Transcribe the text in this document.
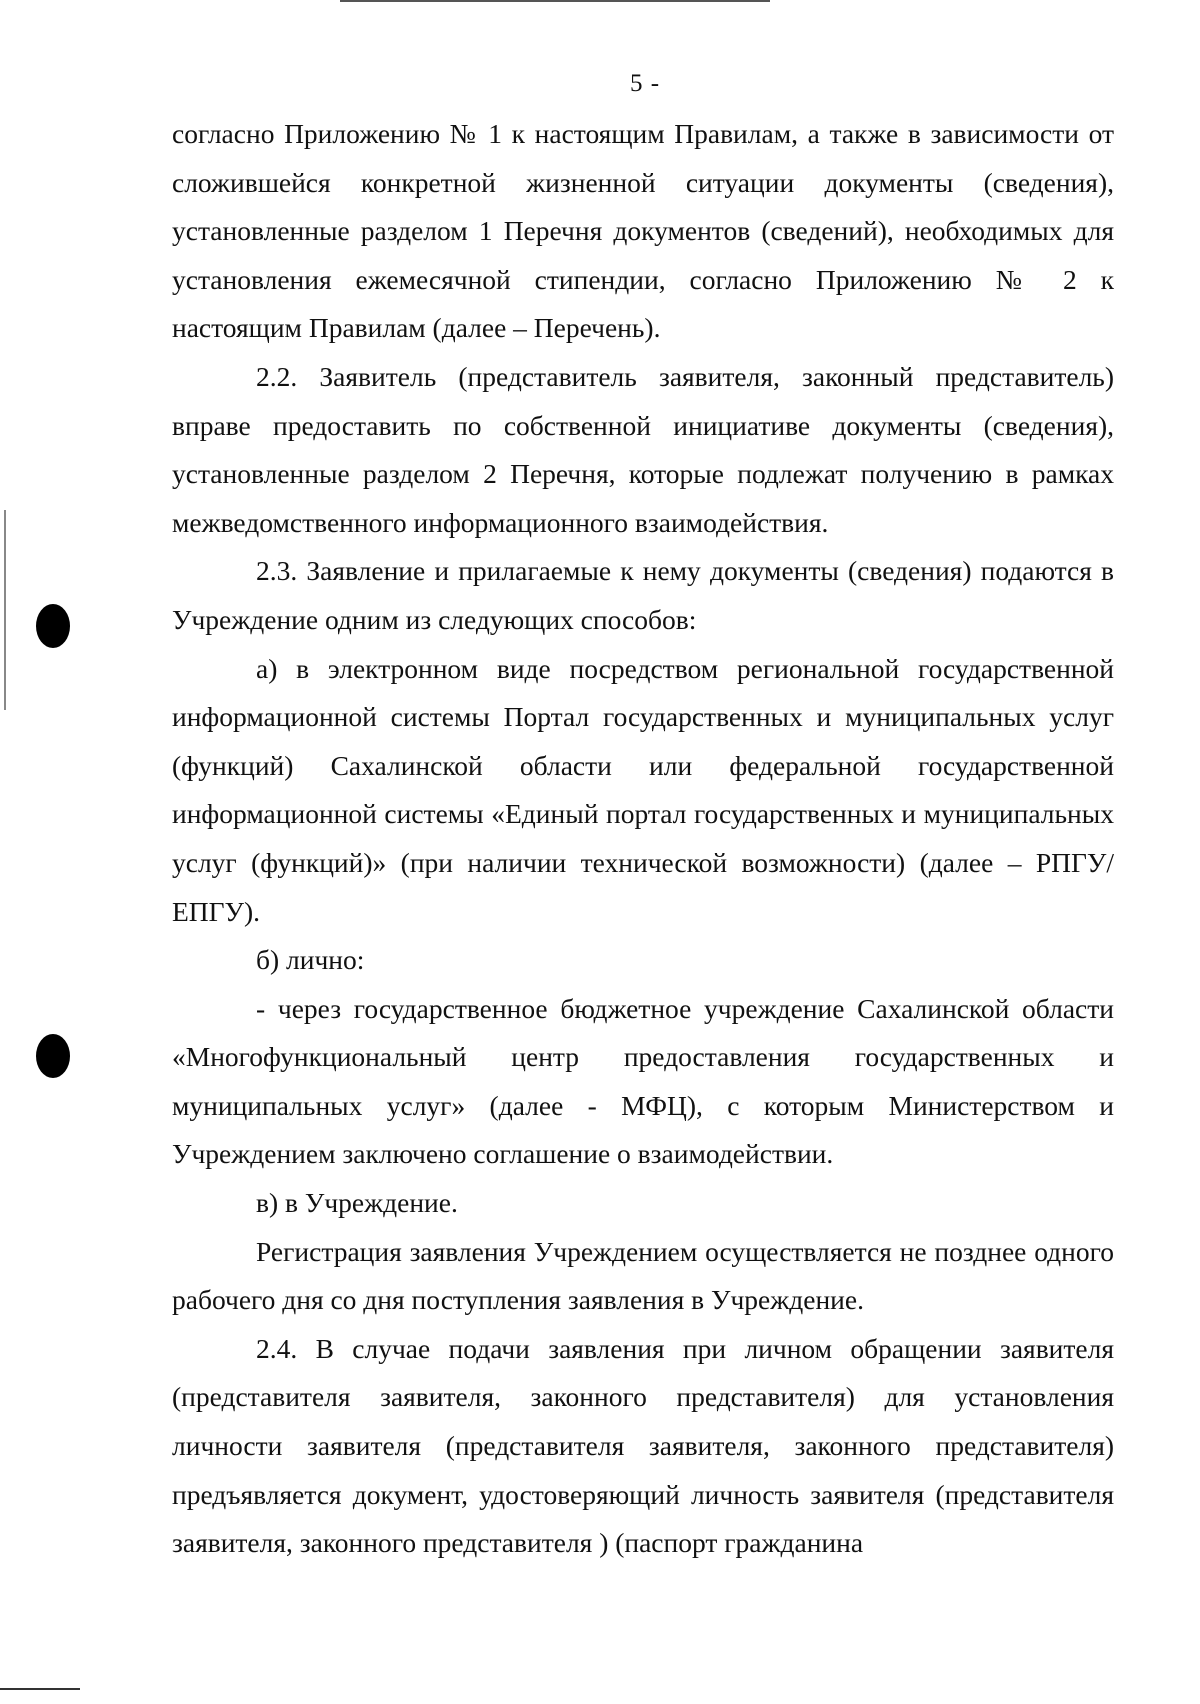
5 -

согласно Приложению № 1 к настоящим Правилам, а также в зависимости от сложившейся конкретной жизненной ситуации документы (сведения), установленные разделом 1 Перечня документов (сведений), необходимых для установления ежемесячной стипендии, согласно Приложению № 2 к настоящим Правилам (далее – Перечень).

2.2. Заявитель (представитель заявителя, законный представитель) вправе предоставить по собственной инициативе документы (сведения), установленные разделом 2 Перечня, которые подлежат получению в рамках межведомственного информационного взаимодействия.

2.3. Заявление и прилагаемые к нему документы (сведения) подаются в Учреждение одним из следующих способов:

а) в электронном виде посредством региональной государственной информационной системы Портал государственных и муниципальных услуг (функций) Сахалинской области или федеральной государственной информационной системы «Единый портал государственных и муниципальных услуг (функций)» (при наличии технической возможности) (далее – РПГУ/ЕПГУ).

б) лично:

- через государственное бюджетное учреждение Сахалинской области «Многофункциональный центр предоставления государственных и муниципальных услуг» (далее - МФЦ), с которым Министерством и Учреждением заключено соглашение о взаимодействии.

в) в Учреждение.

Регистрация заявления Учреждением осуществляется не позднее одного рабочего дня со дня поступления заявления в Учреждение.

2.4. В случае подачи заявления при личном обращении заявителя (представителя заявителя, законного представителя) для установления личности заявителя (представителя заявителя, законного представителя) предъявляется документ, удостоверяющий личность заявителя (представителя заявителя, законного представителя ) (паспорт гражданина
